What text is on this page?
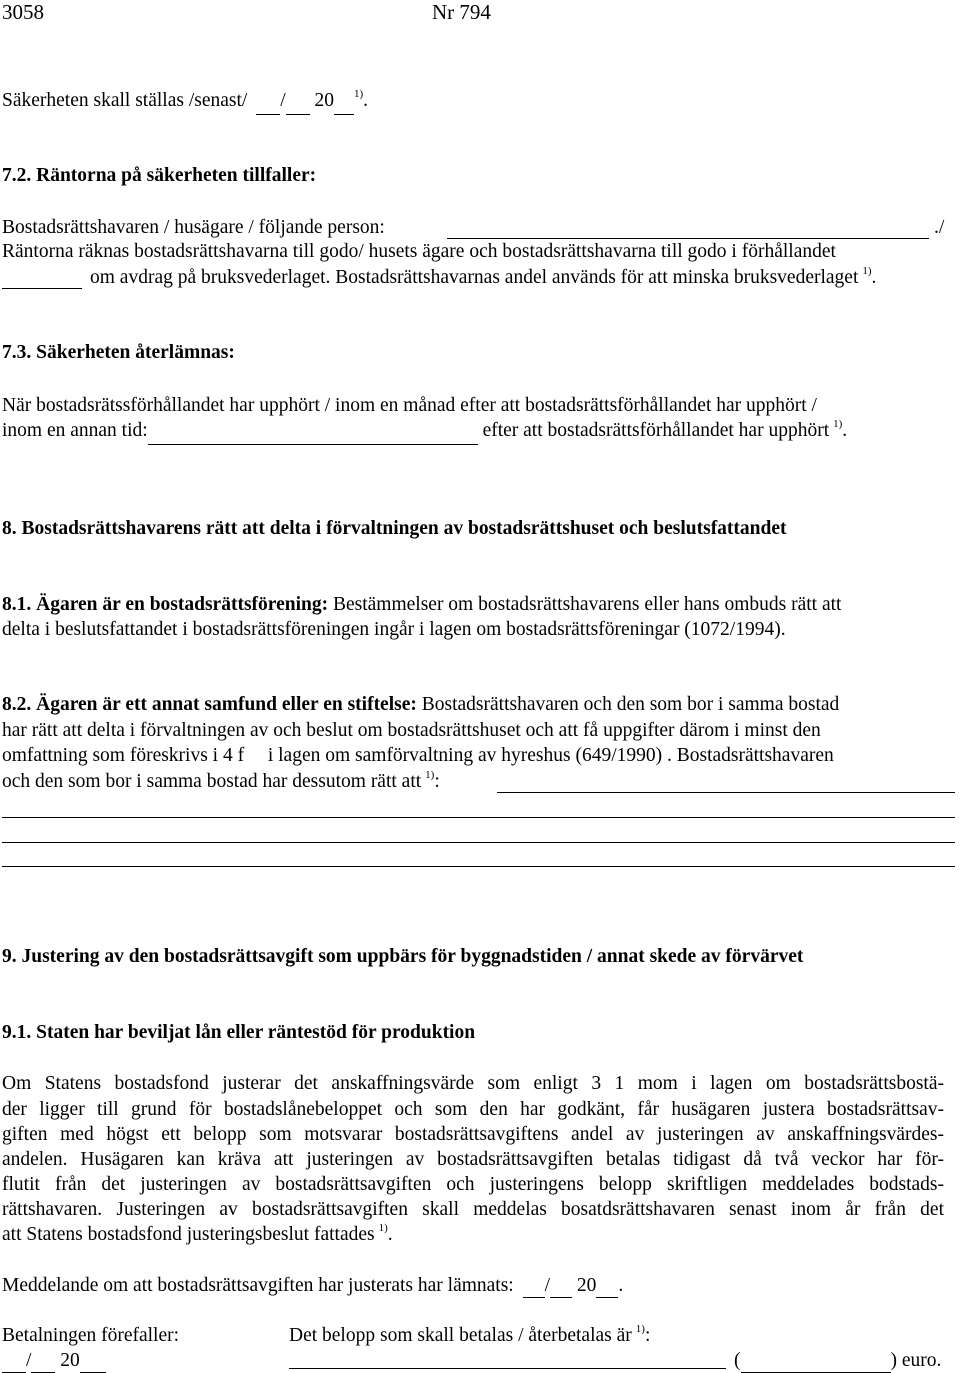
3058	Nr 794
Säkerheten skall ställas /senast/ / 20 $^{1)}$.
7.2. Räntorna på säkerheten tillfaller:
Bostadsrättshavaren / husägare / följande person:	./
Räntorna räknas bostadsrättshavarna till godo/ husets ägare och bostadsrättshavarna till godo i förhållandet
om avdrag på bruksvederlaget. Bostadsrättshavarnas andel används för att minska bruksvederlaget $^{1)}$.
7.3. Säkerheten återlämnas:
När bostadsrätssförhållandet har upphört / inom en månad efter att bostadsrättsförhållandet har upphört /
inom en annan tid:	efter att bostadsrättsförhållandet har upphört $^{1)}$.
8. Bostadsrättshavarens rätt att delta i förvaltningen av bostadsrättshuset och beslutsfattandet
8.1. Ägaren är en bostadsrättsförening: Bestämmelser om bostadsrättshavarens eller hans ombuds rätt att
delta i beslutsfattandet i bostadsrättsföreningen ingår i lagen om bostadsrättsföreningar (1072/1994).
8.2. Ägaren är ett annat samfund eller en stiftelse: Bostadsrättshavaren och den som bor i samma bostad
har rätt att delta i förvaltningen av och beslut om bostadsrättshuset och att få uppgifter därom i minst den
omfattning som föreskrivs i 4 f i lagen om samförvaltning av hyreshus (649/1990) . Bostadsrättshavaren
och den som bor i samma bostad har dessutom rätt att $^{1)}$:
9. Justering av den bostadsrättsavgift som uppbärs för byggnadstiden / annat skede av förvärvet
9.1. Staten har beviljat lån eller räntestöd för produktion
Om Statens bostadsfond justerar det anskaffningsvärde som enligt 3 1 mom i lagen om bostadsrättsbostä-
der ligger till grund för bostadslånebeloppet och som den har godkänt, får husägaren justera bostadsrättsav-
giften med högst ett belopp som motsvarar bostadsrättsavgiftens andel av justeringen av anskaffningsvärdes-
andelen. Husägaren kan kräva att justeringen av bostadsrättsavgiften betalas tidigast då två veckor har för-
flutit från det justeringen av bostadsrättsavgiften och justeringens belopp skriftligen meddelades bodstads-
rättshavaren. Justeringen av bostadsrättsavgiften skall meddelas bosatdsrättshavaren senast inom år från det
att Statens bostadsfond justeringsbeslut fattades $^{1)}$.
Meddelande om att bostadsrättsavgiften har justerats har lämnats: / 20 .
Betalningen förefaller:	Det belopp som skall betalas / återbetalas är $^{1)}$:
/ 20	(	) euro.
